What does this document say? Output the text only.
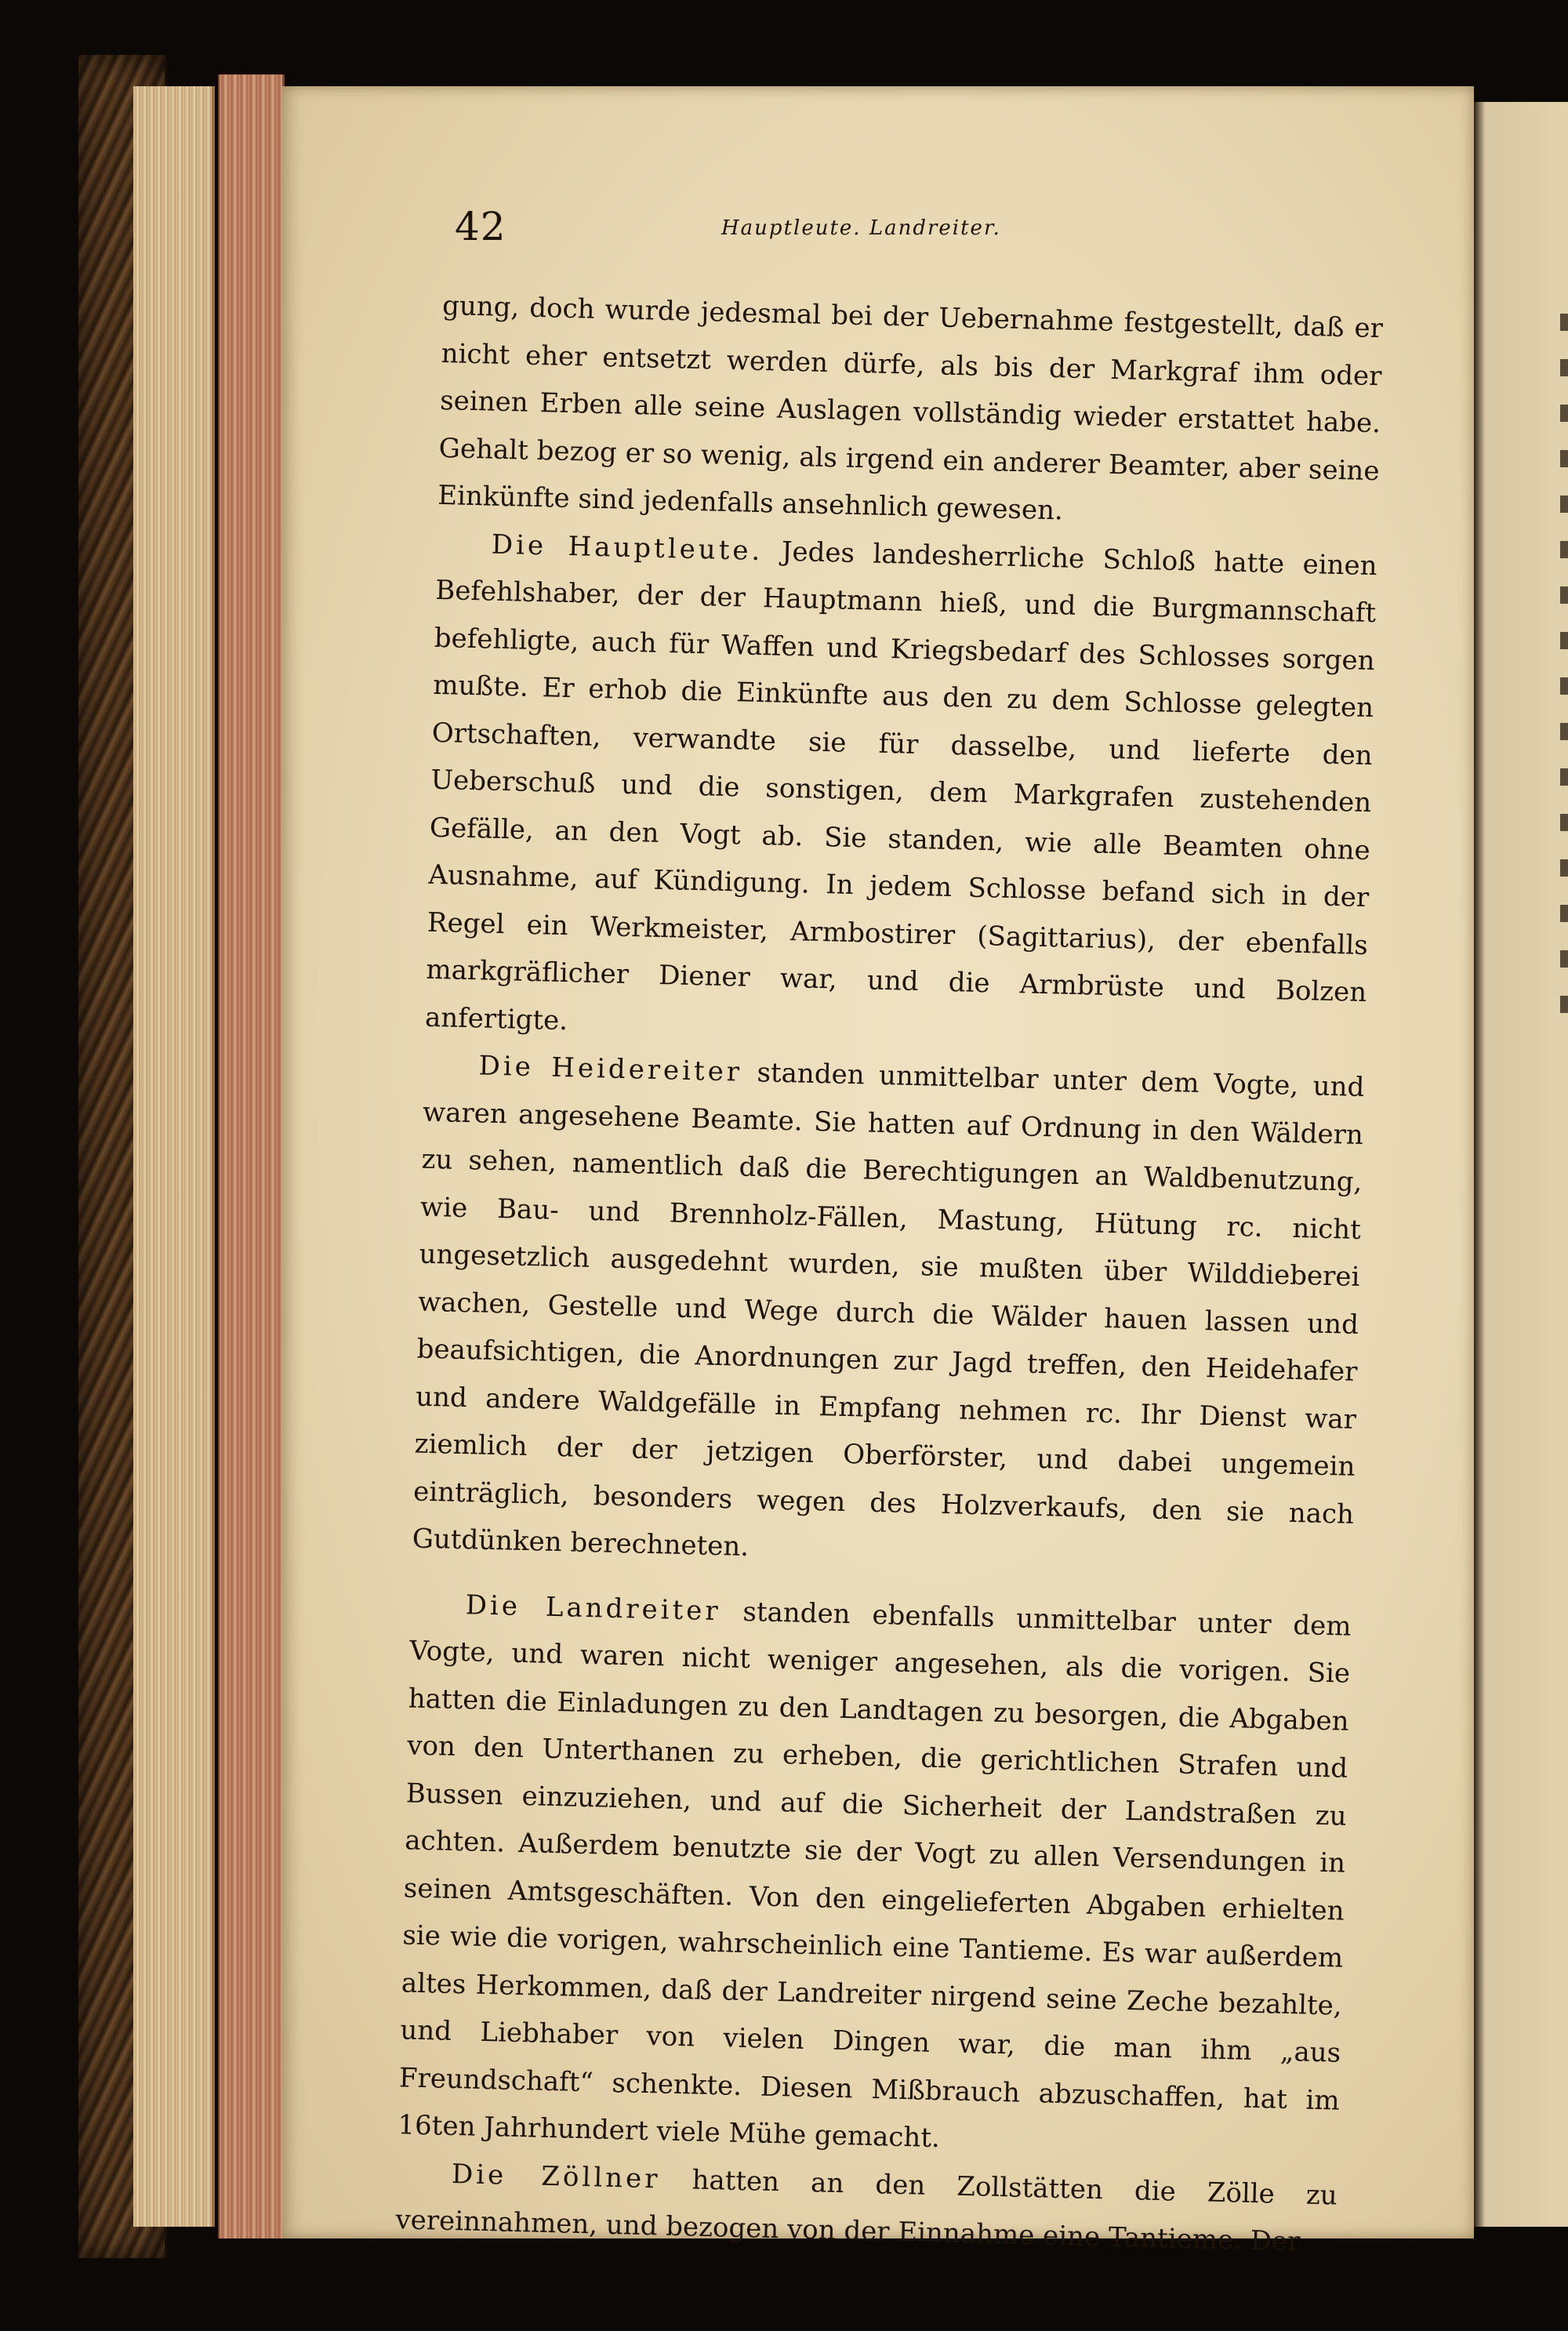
42	Hauptleute. Landreiter.

gung, doch wurde jedesmal bei der Uebernahme festgestellt, daß er nicht eher entsetzt werden dürfe, als bis der Markgraf ihm oder seinen Erben alle seine Auslagen vollständig wieder erstattet habe. Gehalt bezog er so wenig, als irgend ein anderer Beamter, aber seine Einkünfte sind jedenfalls ansehnlich gewesen.

Die Hauptleute. Jedes landesherrliche Schloß hatte einen Befehlshaber, der der Hauptmann hieß, und die Burgmannschaft befehligte, auch für Waffen und Kriegsbedarf des Schlosses sorgen mußte. Er erhob die Einkünfte aus den zu dem Schlosse gelegten Ortschaften, verwandte sie für dasselbe, und lieferte den Ueberschuß und die sonstigen, dem Markgrafen zustehenden Gefälle, an den Vogt ab. Sie standen, wie alle Beamten ohne Ausnahme, auf Kündigung. In jedem Schlosse befand sich in der Regel ein Werkmeister, Armbostirer (Sagittarius), der ebenfalls markgräflicher Diener war, und die Armbrüste und Bolzen anfertigte.

Die Heidereiter standen unmittelbar unter dem Vogte, und waren angesehene Beamte. Sie hatten auf Ordnung in den Wäldern zu sehen, namentlich daß die Berechtigungen an Waldbenutzung, wie Bau- und Brennholz-Fällen, Mastung, Hütung rc. nicht ungesetzlich ausgedehnt wurden, sie mußten über Wilddieberei wachen, Gestelle und Wege durch die Wälder hauen lassen und beaufsichtigen, die Anordnungen zur Jagd treffen, den Heidehafer und andere Waldgefälle in Empfang nehmen rc. Ihr Dienst war ziemlich der der jetzigen Oberförster, und dabei ungemein einträglich, besonders wegen des Holzverkaufs, den sie nach Gutdünken berechneten.

Die Landreiter standen ebenfalls unmittelbar unter dem Vogte, und waren nicht weniger angesehen, als die vorigen. Sie hatten die Einladungen zu den Landtagen zu besorgen, die Abgaben von den Unterthanen zu erheben, die gerichtlichen Strafen und Bussen einzuziehen, und auf die Sicherheit der Landstraßen zu achten. Außerdem benutzte sie der Vogt zu allen Versendungen in seinen Amtsgeschäften. Von den eingelieferten Abgaben erhielten sie wie die vorigen, wahrscheinlich eine Tantieme. Es war außerdem altes Herkommen, daß der Landreiter nirgend seine Zeche bezahlte, und Liebhaber von vielen Dingen war, die man ihm „aus Freundschaft“ schenkte. Diesen Mißbrauch abzuschaffen, hat im 16ten Jahrhundert viele Mühe gemacht.

Die Zöllner hatten an den Zollstätten die Zölle zu vereinnahmen, und bezogen von der Einnahme eine Tantieme. Der
